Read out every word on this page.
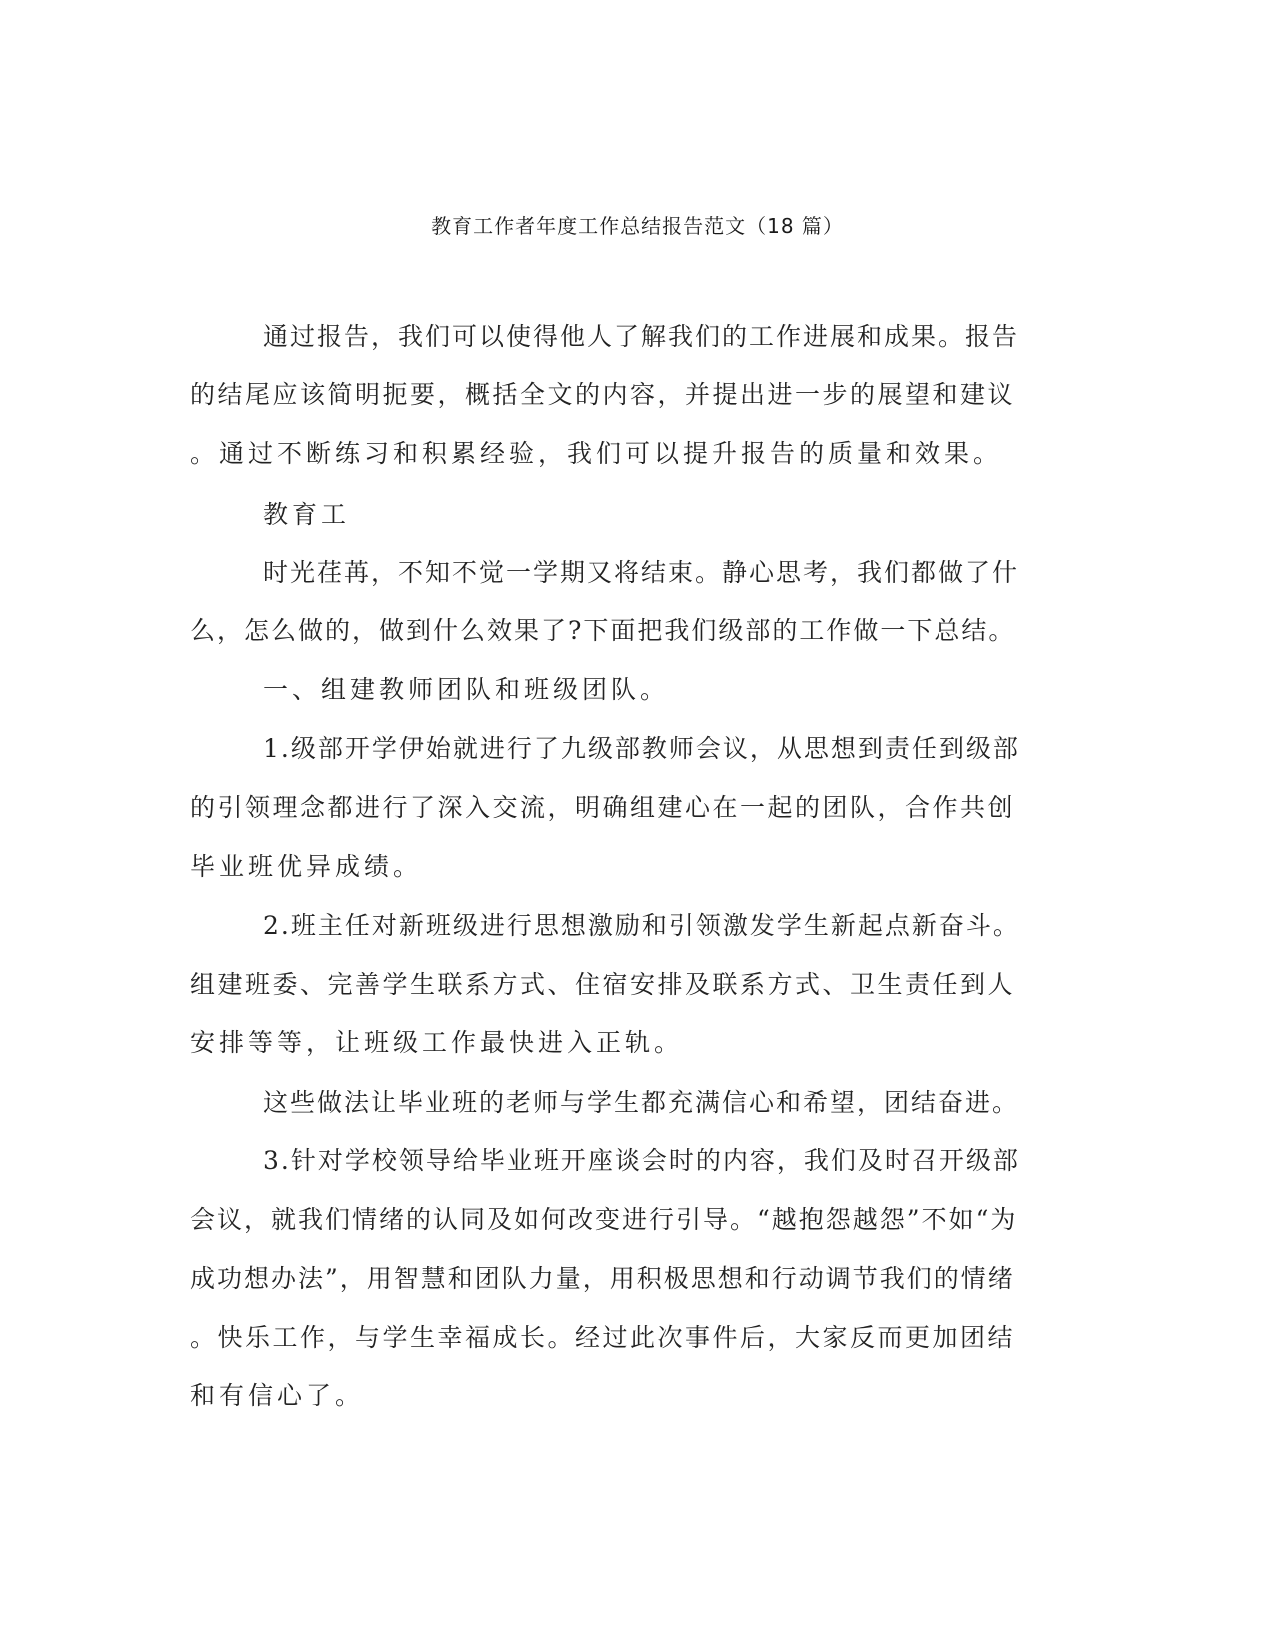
教育工作者年度工作总结报告范文（18 篇）
通过报告，我们可以使得他人了解我们的工作进展和成果。报告
的结尾应该简明扼要，概括全文的内容，并提出进一步的展望和建议
。通过不断练习和积累经验，我们可以提升报告的质量和效果。
教育工
时光荏苒，不知不觉一学期又将结束。静心思考，我们都做了什
么，怎么做的，做到什么效果了?下面把我们级部的工作做一下总结。
一、组建教师团队和班级团队。
1.级部开学伊始就进行了九级部教师会议，从思想到责任到级部
的引领理念都进行了深入交流，明确组建心在一起的团队，合作共创
毕业班优异成绩。
2.班主任对新班级进行思想激励和引领激发学生新起点新奋斗。
组建班委、完善学生联系方式、住宿安排及联系方式、卫生责任到人
安排等等，让班级工作最快进入正轨。
这些做法让毕业班的老师与学生都充满信心和希望，团结奋进。
3.针对学校领导给毕业班开座谈会时的内容，我们及时召开级部
会议，就我们情绪的认同及如何改变进行引导。“越抱怨越怨”不如“为
成功想办法”，用智慧和团队力量，用积极思想和行动调节我们的情绪
。快乐工作，与学生幸福成长。经过此次事件后，大家反而更加团结
和有信心了。
